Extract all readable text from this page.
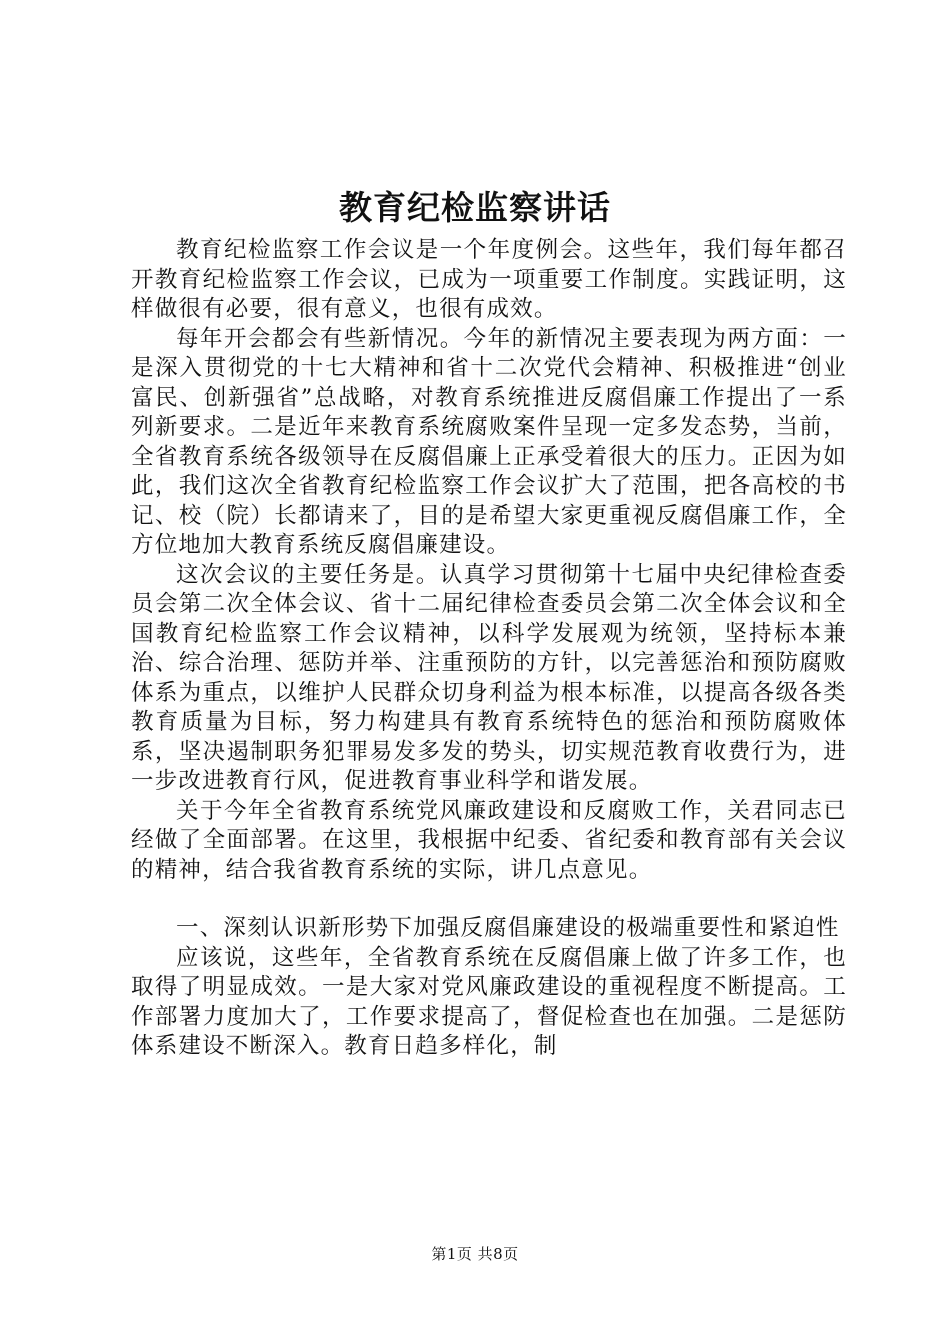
教育纪检监察讲话

教育纪检监察工作会议是一个年度例会。这些年，我们每年都召开教育纪检监察工作会议，已成为一项重要工作制度。实践证明，这样做很有必要，很有意义，也很有成效。

每年开会都会有些新情况。今年的新情况主要表现为两方面：一是深入贯彻党的十七大精神和省十二次党代会精神、积极推进“创业富民、创新强省”总战略，对教育系统推进反腐倡廉工作提出了一系列新要求。二是近年来教育系统腐败案件呈现一定多发态势，当前，全省教育系统各级领导在反腐倡廉上正承受着很大的压力。正因为如此，我们这次全省教育纪检监察工作会议扩大了范围，把各高校的书记、校（院）长都请来了，目的是希望大家更重视反腐倡廉工作，全方位地加大教育系统反腐倡廉建设。

这次会议的主要任务是。认真学习贯彻第十七届中央纪律检查委员会第二次全体会议、省十二届纪律检查委员会第二次全体会议和全国教育纪检监察工作会议精神，以科学发展观为统领，坚持标本兼治、综合治理、惩防并举、注重预防的方针，以完善惩治和预防腐败体系为重点，以维护人民群众切身利益为根本标准，以提高各级各类教育质量为目标，努力构建具有教育系统特色的惩治和预防腐败体系，坚决遏制职务犯罪易发多发的势头，切实规范教育收费行为，进一步改进教育行风，促进教育事业科学和谐发展。

关于今年全省教育系统党风廉政建设和反腐败工作，关君同志已经做了全面部署。在这里，我根据中纪委、省纪委和教育部有关会议的精神，结合我省教育系统的实际，讲几点意见。

一、深刻认识新形势下加强反腐倡廉建设的极端重要性和紧迫性

应该说，这些年，全省教育系统在反腐倡廉上做了许多工作，也取得了明显成效。一是大家对党风廉政建设的重视程度不断提高。工作部署力度加大了，工作要求提高了，督促检查也在加强。二是惩防体系建设不断深入。教育日趋多样化，制

第1页 共8页
